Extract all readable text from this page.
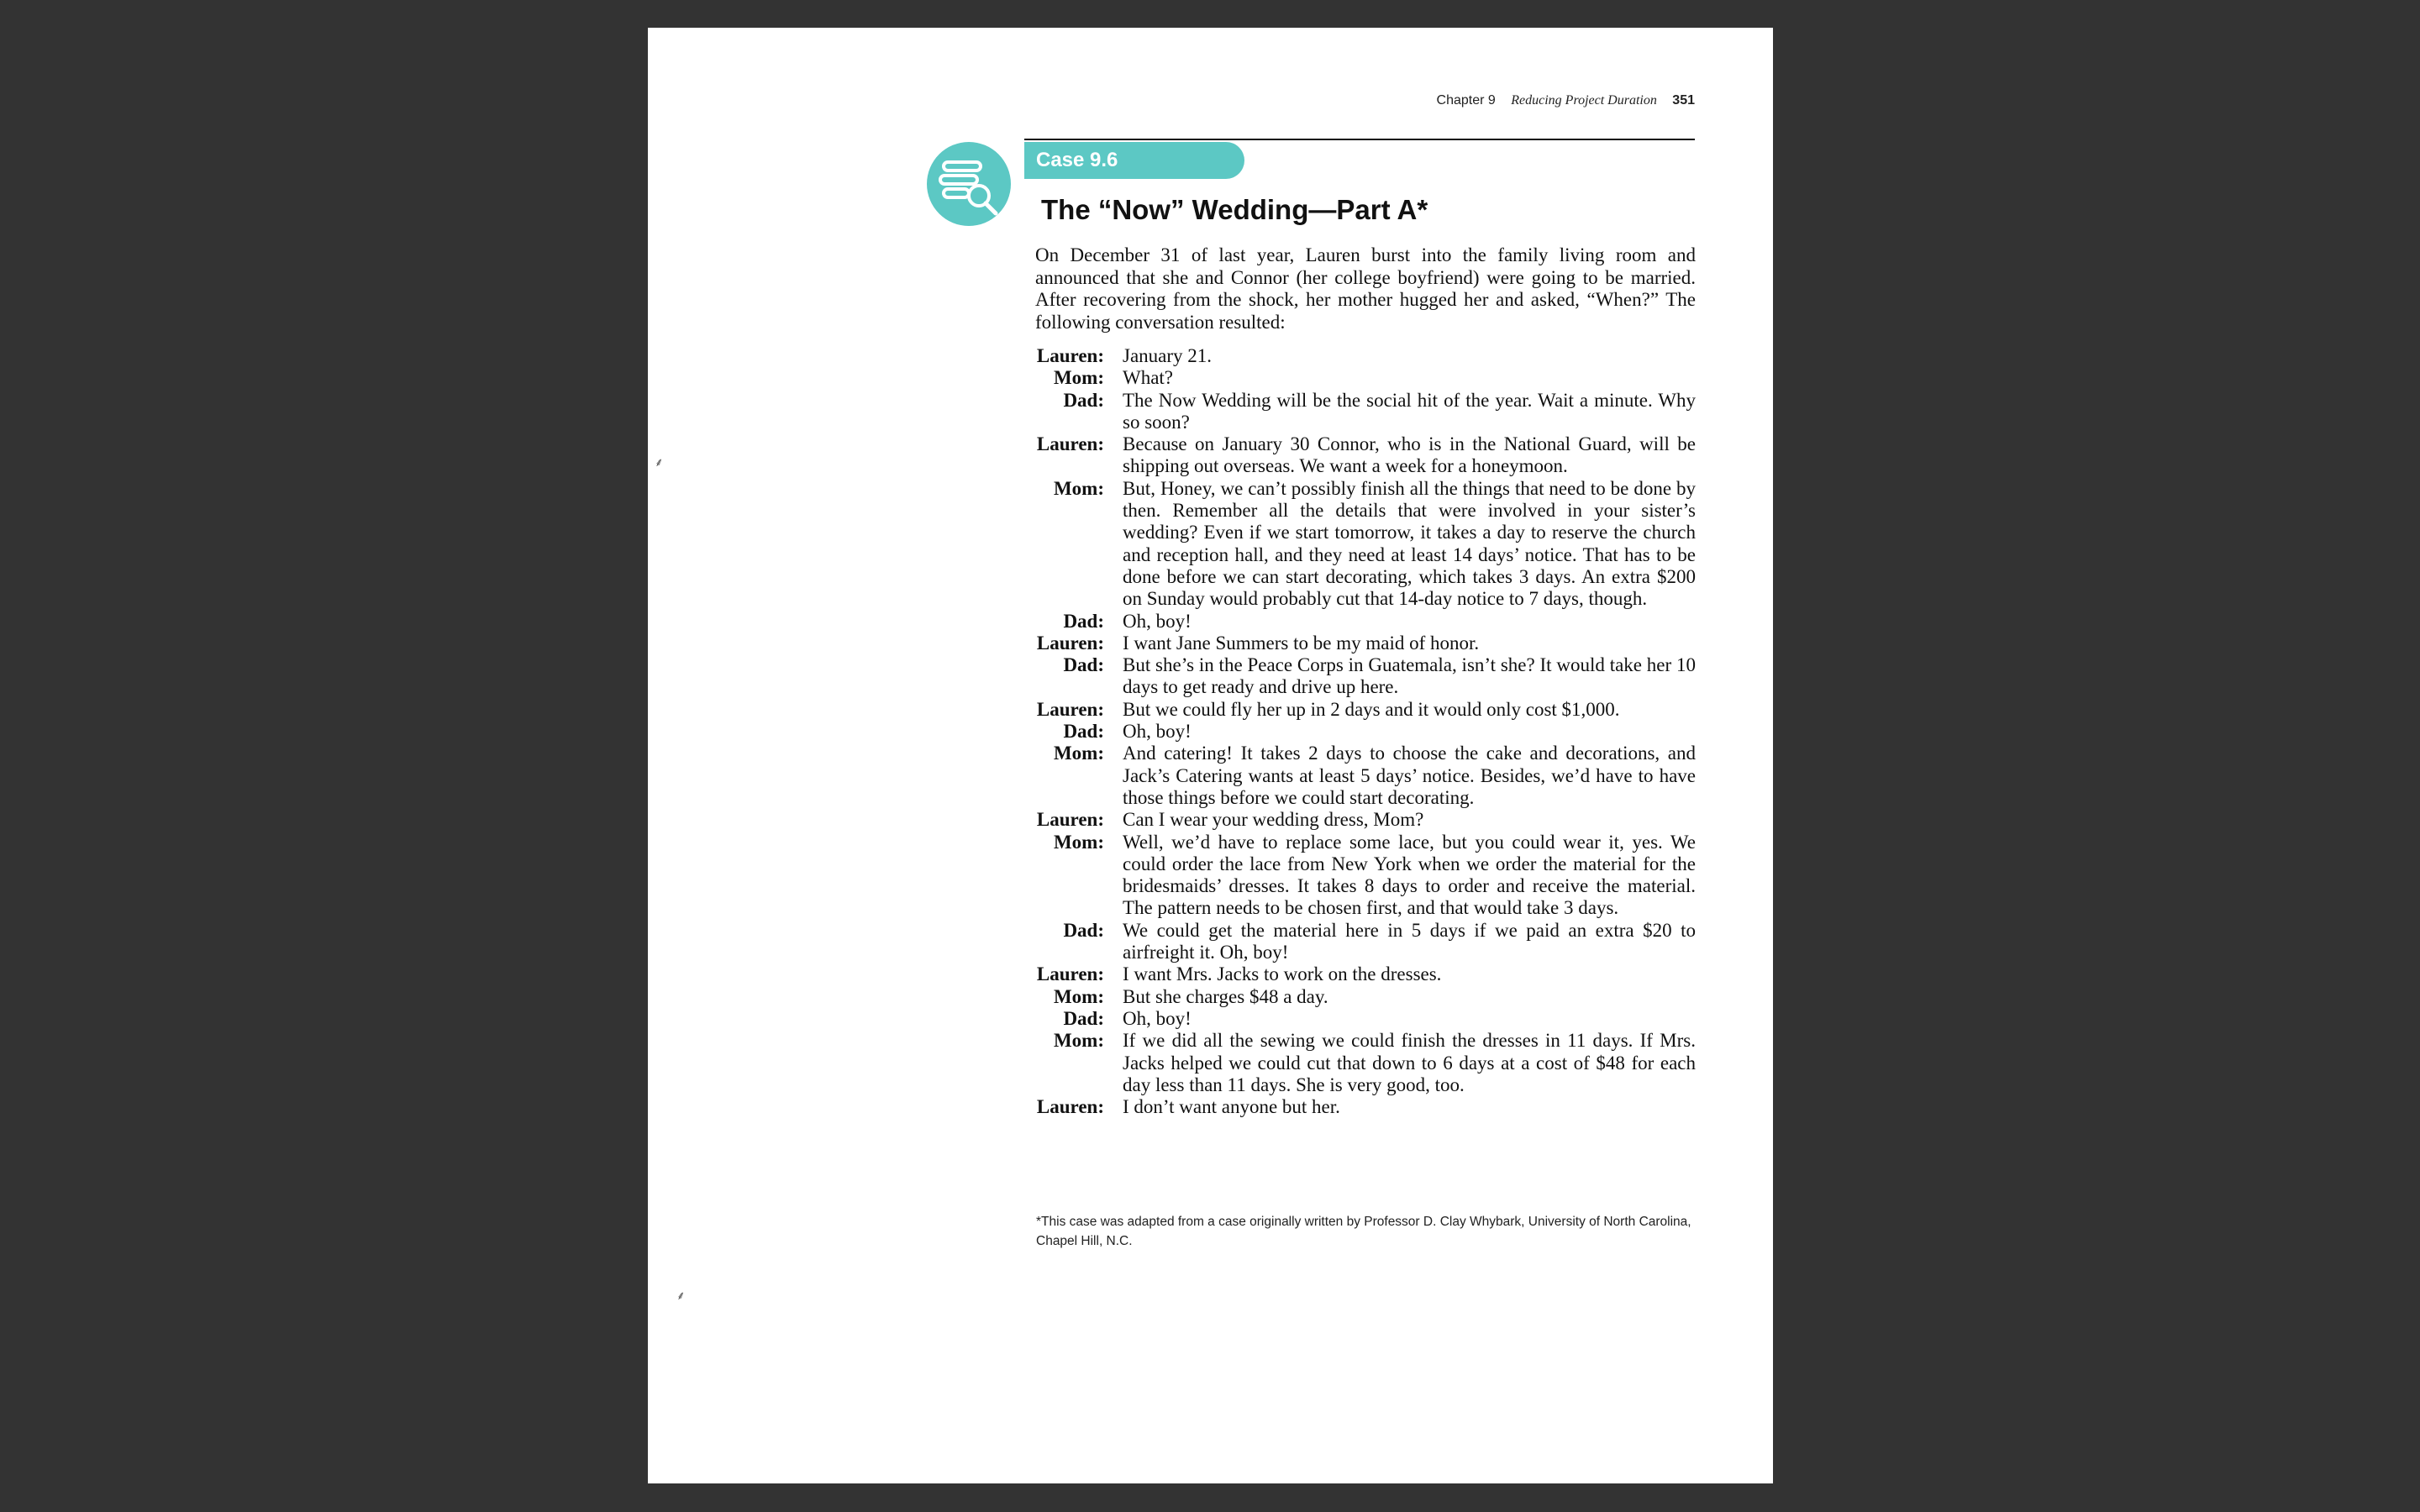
Chapter 9 Reducing Project Duration 351
Case 9.6
The “Now” Wedding—Part A*

On December 31 of last year, Lauren burst into the family living room and announced that she and Connor (her college boyfriend) were going to be married. After recovering from the shock, her mother hugged her and asked, “When?” The following conversation resulted:

Lauren: January 21.
Mom: What?
Dad: The Now Wedding will be the social hit of the year. Wait a minute. Why so soon?
Lauren: Because on January 30 Connor, who is in the National Guard, will be shipping out overseas. We want a week for a honeymoon.
Mom: But, Honey, we can’t possibly finish all the things that need to be done by then. Remember all the details that were involved in your sister’s wedding? Even if we start tomorrow, it takes a day to reserve the church and reception hall, and they need at least 14 days’ notice. That has to be done before we can start decorating, which takes 3 days. An extra $200 on Sunday would probably cut that 14-day notice to 7 days, though.
Dad: Oh, boy!
Lauren: I want Jane Summers to be my maid of honor.
Dad: But she’s in the Peace Corps in Guatemala, isn’t she? It would take her 10 days to get ready and drive up here.
Lauren: But we could fly her up in 2 days and it would only cost $1,000.
Dad: Oh, boy!
Mom: And catering! It takes 2 days to choose the cake and decorations, and Jack’s Catering wants at least 5 days’ notice. Besides, we’d have to have those things before we could start decorating.
Lauren: Can I wear your wedding dress, Mom?
Mom: Well, we’d have to replace some lace, but you could wear it, yes. We could order the lace from New York when we order the material for the bridesmaids’ dresses. It takes 8 days to order and receive the material. The pattern needs to be chosen first, and that would take 3 days.
Dad: We could get the material here in 5 days if we paid an extra $20 to airfreight it. Oh, boy!
Lauren: I want Mrs. Jacks to work on the dresses.
Mom: But she charges $48 a day.
Dad: Oh, boy!
Mom: If we did all the sewing we could finish the dresses in 11 days. If Mrs. Jacks helped we could cut that down to 6 days at a cost of $48 for each day less than 11 days. She is very good, too.
Lauren: I don’t want anyone but her.
*This case was adapted from a case originally written by Professor D. Clay Whybark, University of North Carolina, Chapel Hill, N.C.
⸙
⸙
